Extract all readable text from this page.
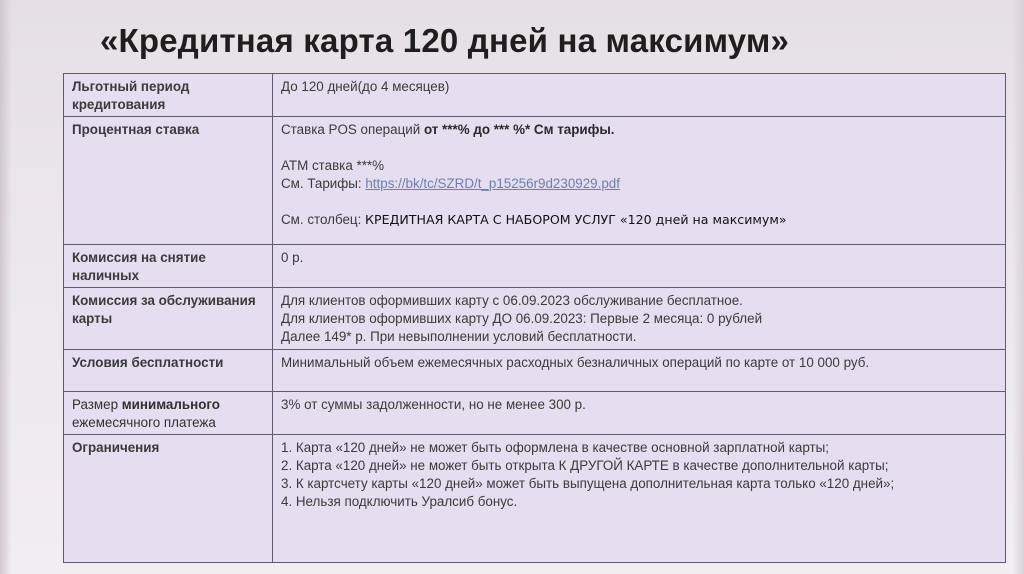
«Кредитная карта 120 дней на максимум»
Льготный период кредитования	До 120 дней(до 4 месяцев)

Процентная ставка	Ставка POS операций от ***% до *** %* См тарифы.
АТМ ставка ***%
См. Тарифы: https://bk/tc/SZRD/t_p15256r9d230929.pdf
См. столбец: КРЕДИТНАЯ КАРТА С НАБОРОМ УСЛУГ «120 дней на максимум»

Комиссия на снятие наличных	0 р.

Комиссия за обслуживания карты	Для клиентов оформивших карту с 06.09.2023 обслуживание бесплатное.
Для клиентов оформивших карту ДО 06.09.2023: Первые 2 месяца: 0 рублей
Далее 149* р. При невыполнении условий бесплатности.

Условия бесплатности	Минимальный объем ежемесячных расходных безналичных операций по карте от 10 000 руб.

Размер минимального
ежемесячного платежа	3% от суммы задолженности, но не менее 300 р.

Ограничения	1. Карта «120 дней» не может быть оформлена в качестве основной зарплатной карты;
2. Карта «120 дней» не может быть открыта К ДРУГОЙ КАРТЕ в качестве дополнительной карты;
3. К картсчету карты «120 дней» может быть выпущена дополнительная карта только «120 дней»;
4. Нельзя подключить Уралсиб бонус.
